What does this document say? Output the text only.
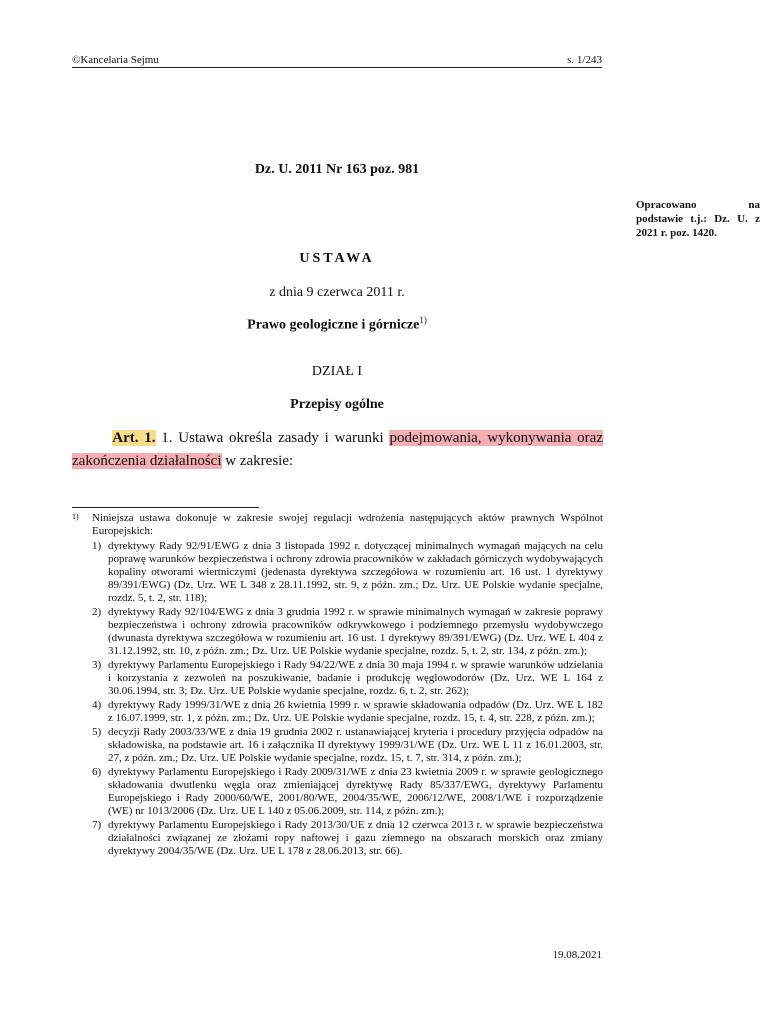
©Kancelaria Sejmu	s. 1/243
Dz. U. 2011 Nr 163 poz. 981
Opracowano na podstawie t.j.: Dz. U. z 2021 r. poz. 1420.
USTAWA
z dnia 9 czerwca 2011 r.
Prawo geologiczne i górnicze$^{1)}$
DZIAŁ I
Przepisy ogólne
Art. 1. 1. Ustawa określa zasady i warunki podejmowania, wykonywania oraz zakończenia działalności w zakresie:
1) Niniejsza ustawa dokonuje w zakresie swojej regulacji wdrożenia następujących aktów prawnych Wspólnot Europejskich:
1) dyrektywy Rady 92/91/EWG z dnia 3 listopada 1992 r. dotyczącej minimalnych wymagań mających na celu poprawę warunków bezpieczeństwa i ochrony zdrowia pracowników w zakładach górniczych wydobywających kopaliny otworami wiertniczymi (jedenasta dyrektywa szczegółowa w rozumieniu art. 16 ust. 1 dyrektywy 89/391/EWG) (Dz. Urz. WE L 348 z 28.11.1992, str. 9, z późn. zm.; Dz. Urz. UE Polskie wydanie specjalne, rozdz. 5, t. 2, str. 118);
2) dyrektywy Rady 92/104/EWG z dnia 3 grudnia 1992 r. w sprawie minimalnych wymagań w zakresie poprawy bezpieczeństwa i ochrony zdrowia pracowników odkrywkowego i podziemnego przemysłu wydobywczego (dwunasta dyrektywa szczegółowa w rozumieniu art. 16 ust. 1 dyrektywy 89/391/EWG) (Dz. Urz. WE L 404 z 31.12.1992, str. 10, z późn. zm.; Dz. Urz. UE Polskie wydanie specjalne, rozdz. 5, t. 2, str. 134, z późn. zm.);
3) dyrektywy Parlamentu Europejskiego i Rady 94/22/WE z dnia 30 maja 1994 r. w sprawie warunków udzielania i korzystania z zezwoleń na poszukiwanie, badanie i produkcję węglowodorów (Dz. Urz. WE L 164 z 30.06.1994, str. 3; Dz. Urz. UE Polskie wydanie specjalne, rozdz. 6, t. 2, str. 262);
4) dyrektywy Rady 1999/31/WE z dnia 26 kwietnia 1999 r. w sprawie składowania odpadów (Dz. Urz. WE L 182 z 16.07.1999, str. 1, z późn. zm.; Dz. Urz. UE Polskie wydanie specjalne, rozdz. 15, t. 4, str. 228, z późn. zm.);
5) decyzji Rady 2003/33/WE z dnia 19 grudnia 2002 r. ustanawiającej kryteria i procedury przyjęcia odpadów na składowiska, na podstawie art. 16 i załącznika II dyrektywy 1999/31/WE (Dz. Urz. WE L 11 z 16.01.2003, str. 27, z późn. zm.; Dz. Urz. UE Polskie wydanie specjalne, rozdz. 15, t. 7, str. 314, z późn. zm.);
6) dyrektywy Parlamentu Europejskiego i Rady 2009/31/WE z dnia 23 kwietnia 2009 r. w sprawie geologicznego składowania dwutlenku węgla oraz zmieniającej dyrektywę Rady 85/337/EWG, dyrektywy Parlamentu Europejskiego i Rady 2000/60/WE, 2001/80/WE, 2004/35/WE, 2006/12/WE, 2008/1/WE i rozporządzenie (WE) nr 1013/2006 (Dz. Urz. UE L 140 z 05.06.2009, str. 114, z późn. zm.);
7) dyrektywy Parlamentu Europejskiego i Rady 2013/30/UE z dnia 12 czerwca 2013 r. w sprawie bezpieczeństwa działalności związanej ze złożami ropy naftowej i gazu ziemnego na obszarach morskich oraz zmiany dyrektywy 2004/35/WE (Dz. Urz. UE L 178 z 28.06.2013, str. 66).
19.08.2021
